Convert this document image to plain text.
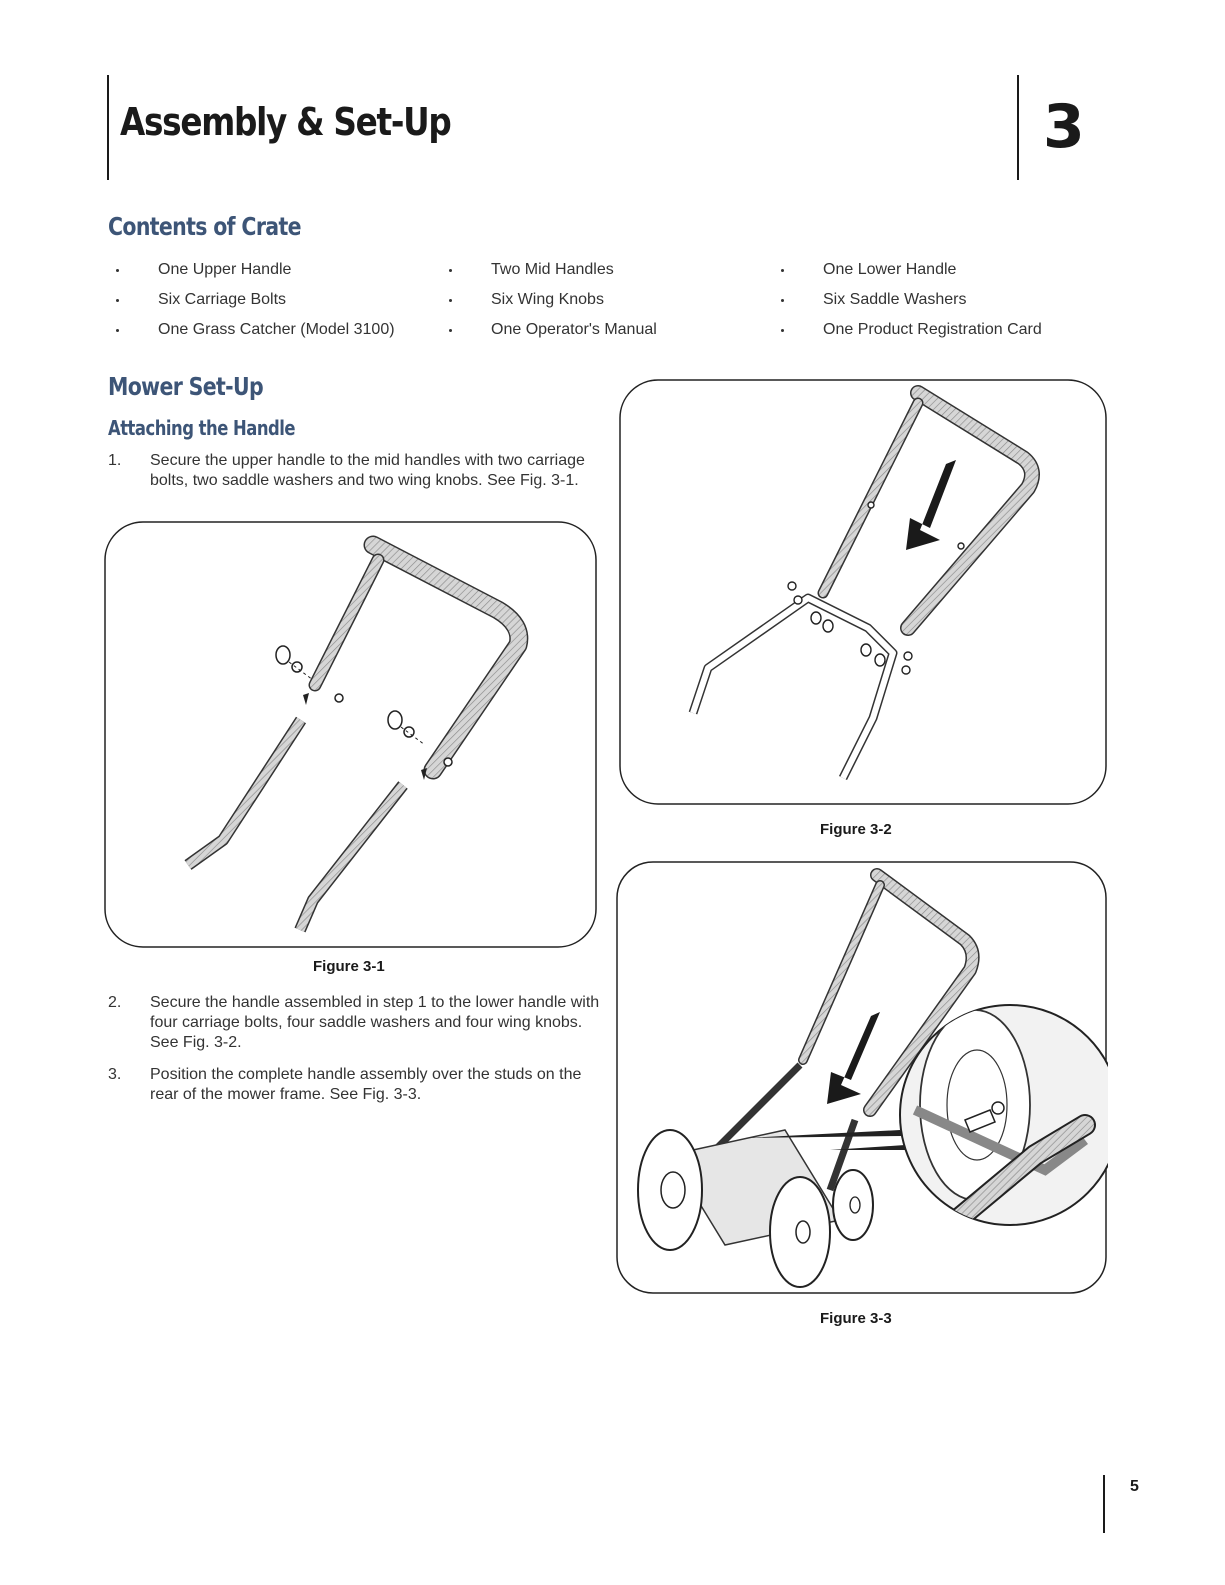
Assembly & Set-Up	3
Contents of Crate
One Upper Handle
Six Carriage Bolts
One Grass Catcher (Model 3100)
Two Mid Handles
Six Wing Knobs
One Operator's Manual
One Lower Handle
Six Saddle Washers
One Product Registration Card
Mower Set-Up
Attaching the Handle
1. Secure the upper handle to the mid handles with two carriage bolts, two saddle washers and two wing knobs. See Fig. 3-1.
Figure 3-1
2. Secure the handle assembled in step 1 to the lower handle with four carriage bolts, four saddle washers and four wing knobs. See Fig. 3-2.
3. Position the complete handle assembly over the studs on the rear of the mower frame. See Fig. 3-3.
Figure 3-2
Figure 3-3
5
